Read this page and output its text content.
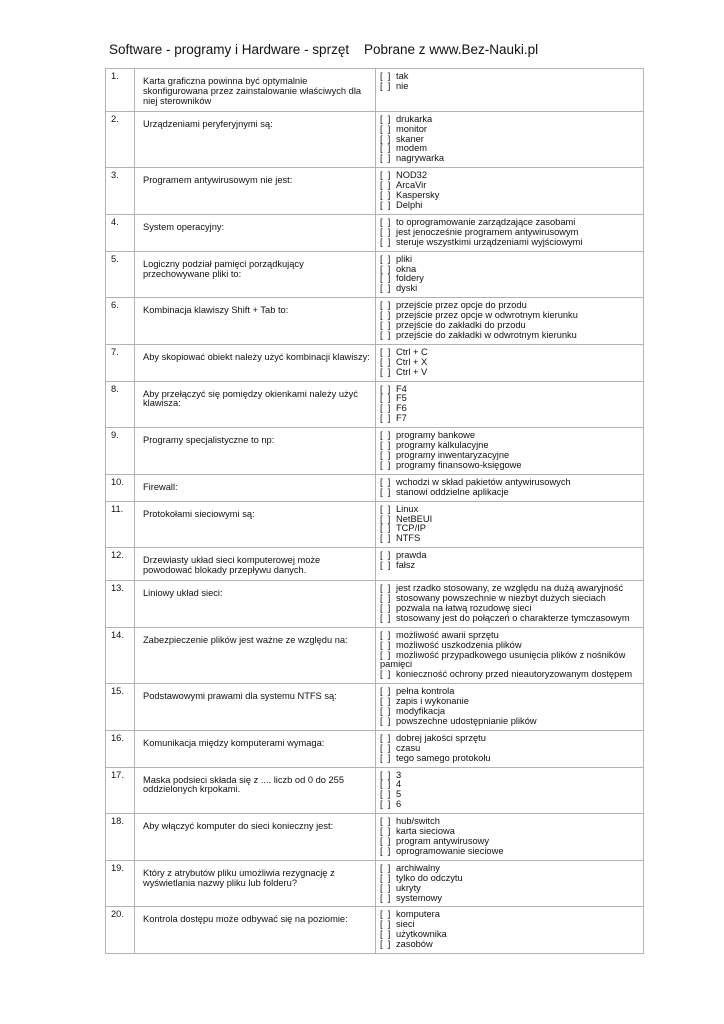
Software - programy i Hardware - sprzęt Pobrane z www.Bez-Nauki.pl
1.	Karta graficzna powinna być optymalnie skonfigurowana przez zainstalowanie właściwych dla niej sterowników	[  ] tak
[  ] nie

2.	Urządzeniami peryferyjnymi są:	[  ] drukarka
[  ] monitor
[  ] skaner
[  ] modem
[  ] nagrywarka

3.	Programem antywirusowym nie jest:	[  ] NOD32
[  ] ArcaVir
[  ] Kaspersky
[  ] Delphi

4.	System operacyjny:	[  ] to oprogramowanie zarządzające zasobami
[  ] jest jenocześnie programem antywirusowym
[  ] steruje wszystkimi urządzeniami wyjściowymi

5.	Logiczny podział pamięci porządkujący przechowywane pliki to:	[  ] pliki
[  ] okna
[  ] foldery
[  ] dyski

6.	Kombinacja klawiszy Shift + Tab to:	[  ] przejście przez opcje do przodu
[  ] przejście przez opcje w odwrotnym kierunku
[  ] przejście do zakładki do przodu
[  ] przejście do zakładki w odwrotnym kierunku

7.	Aby skopiować obiekt należy użyć kombinacji klawiszy:	[  ] Ctrl + C
[  ] Ctrl + X
[  ] Ctrl + V

8.	Aby przełączyć się pomiędzy okienkami należy użyć klawisza:	[  ] F4
[  ] F5
[  ] F6
[  ] F7

9.	Programy specjalistyczne to np:	[  ] programy bankowe
[  ] programy kalkulacyjne
[  ] programy inwentaryzacyjne
[  ] programy finansowo-księgowe

10.	Firewall:	[  ] wchodzi w skład pakietów antywirusowych
[  ] stanowi oddzielne aplikacje

11.	Protokołami sieciowymi są:	[  ] Linux
[  ] NetBEUI
[  ] TCP/IP
[  ] NTFS

12.	Drzewiasty układ sieci komputerowej może powodować blokady przepływu danych.	[  ] prawda
[  ] fałsz

13.	Liniowy układ sieci:	[  ] jest rzadko stosowany, ze względu na dużą awaryjność
[  ] stosowany powszechnie w niezbyt dużych sieciach
[  ] pozwala na łatwą rozudowę sieci
[  ] stosowany jest do połączeń o charakterze tymczasowym

14.	Zabezpieczenie plików jest ważne ze względu na:	[  ] możliwość awarii sprzętu
[  ] możliwość uszkodzenia plików
[  ] możliwość przypadkowego usunięcia plików z nośników pamięci
[  ] konieczność ochrony przed nieautoryzowanym dostępem

15.	Podstawowymi prawami dla systemu NTFS są:	[  ] pełna kontrola
[  ] zapis i wykonanie
[  ] modyfikacja
[  ] powszechne udostępnianie plików

16.	Komunikacja między komputerami wymaga:	[  ] dobrej jakości sprzętu
[  ] czasu
[  ] tego samego protokołu

17.	Maska podsieci składa się z .... liczb od 0 do 255 oddzielonych krpokami.	[  ] 3
[  ] 4
[  ] 5
[  ] 6

18.	Aby włączyć komputer do sieci konieczny jest:	[  ] hub/switch
[  ] karta sieciowa
[  ] program antywirusowy
[  ] oprogramowanie sieciowe

19.	Który z atrybutów pliku umożliwia rezygnację z wyświetlania nazwy pliku lub folderu?	[  ] archiwalny
[  ] tylko do odczytu
[  ] ukryty
[  ] systemowy

20.	Kontrola dostępu może odbywać się na poziomie:	[  ] komputera
[  ] sieci
[  ] użytkownika
[  ] zasobów
